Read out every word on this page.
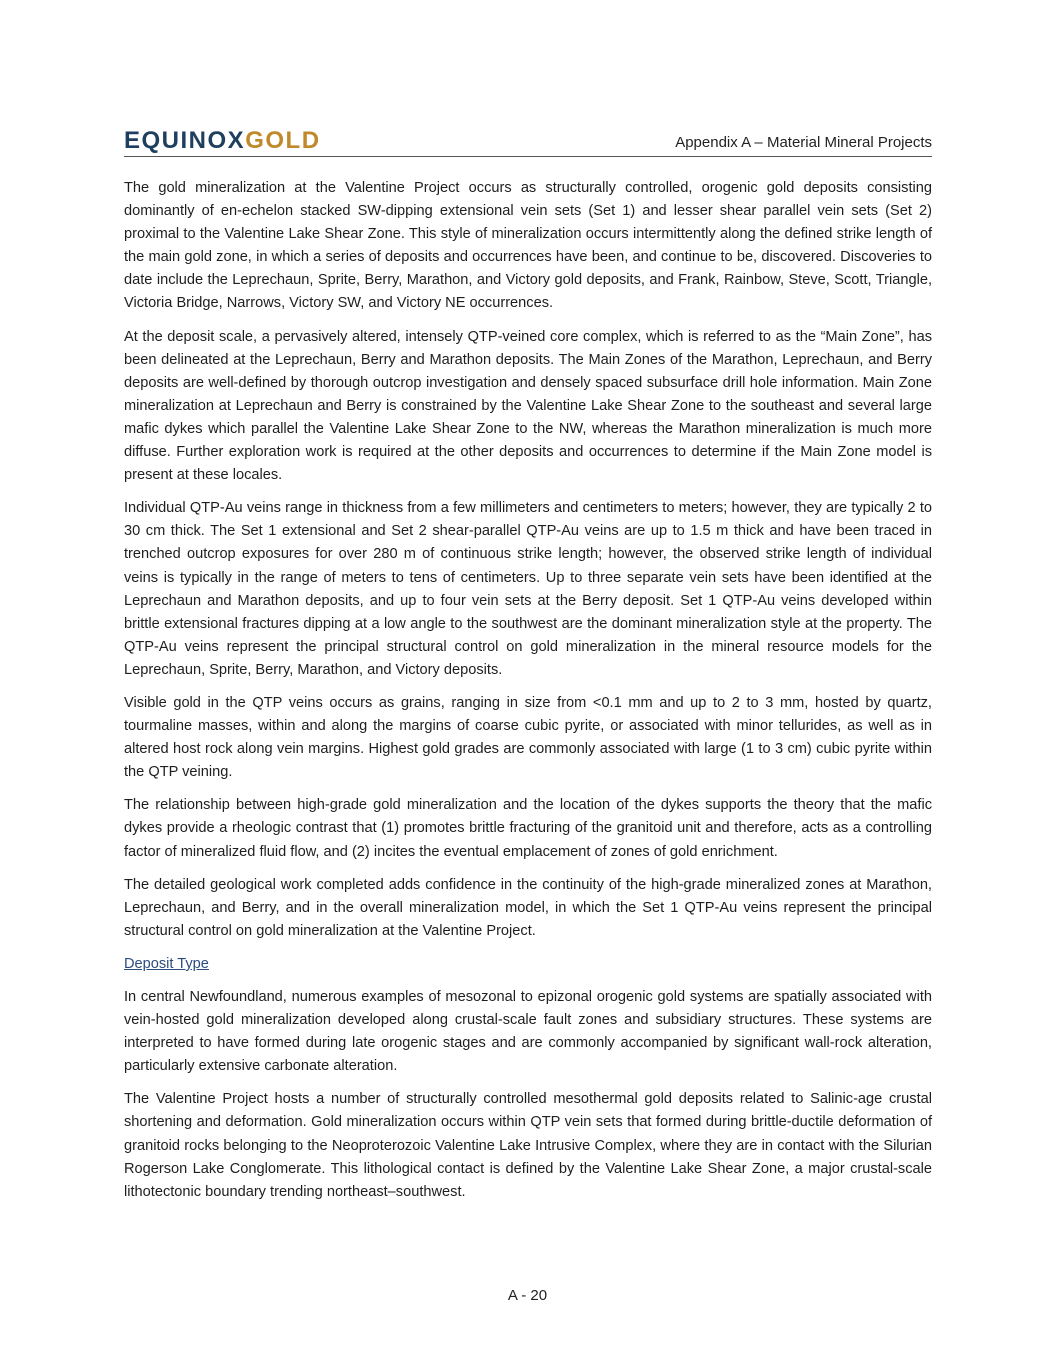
EQUINOXGOLD	Appendix A – Material Mineral Projects

The gold mineralization at the Valentine Project occurs as structurally controlled, orogenic gold deposits consisting dominantly of en-echelon stacked SW-dipping extensional vein sets (Set 1) and lesser shear parallel vein sets (Set 2) proximal to the Valentine Lake Shear Zone. This style of mineralization occurs intermittently along the defined strike length of the main gold zone, in which a series of deposits and occurrences have been, and continue to be, discovered. Discoveries to date include the Leprechaun, Sprite, Berry, Marathon, and Victory gold deposits, and Frank, Rainbow, Steve, Scott, Triangle, Victoria Bridge, Narrows, Victory SW, and Victory NE occurrences.

At the deposit scale, a pervasively altered, intensely QTP-veined core complex, which is referred to as the “Main Zone”, has been delineated at the Leprechaun, Berry and Marathon deposits. The Main Zones of the Marathon, Leprechaun, and Berry deposits are well-defined by thorough outcrop investigation and densely spaced subsurface drill hole information. Main Zone mineralization at Leprechaun and Berry is constrained by the Valentine Lake Shear Zone to the southeast and several large mafic dykes which parallel the Valentine Lake Shear Zone to the NW, whereas the Marathon mineralization is much more diffuse. Further exploration work is required at the other deposits and occurrences to determine if the Main Zone model is present at these locales.

Individual QTP-Au veins range in thickness from a few millimeters and centimeters to meters; however, they are typically 2 to 30 cm thick. The Set 1 extensional and Set 2 shear-parallel QTP-Au veins are up to 1.5 m thick and have been traced in trenched outcrop exposures for over 280 m of continuous strike length; however, the observed strike length of individual veins is typically in the range of meters to tens of centimeters. Up to three separate vein sets have been identified at the Leprechaun and Marathon deposits, and up to four vein sets at the Berry deposit. Set 1 QTP-Au veins developed within brittle extensional fractures dipping at a low angle to the southwest are the dominant mineralization style at the property. The QTP-Au veins represent the principal structural control on gold mineralization in the mineral resource models for the Leprechaun, Sprite, Berry, Marathon, and Victory deposits.

Visible gold in the QTP veins occurs as grains, ranging in size from <0.1 mm and up to 2 to 3 mm, hosted by quartz, tourmaline masses, within and along the margins of coarse cubic pyrite, or associated with minor tellurides, as well as in altered host rock along vein margins. Highest gold grades are commonly associated with large (1 to 3 cm) cubic pyrite within the QTP veining.

The relationship between high-grade gold mineralization and the location of the dykes supports the theory that the mafic dykes provide a rheologic contrast that (1) promotes brittle fracturing of the granitoid unit and therefore, acts as a controlling factor of mineralized fluid flow, and (2) incites the eventual emplacement of zones of gold enrichment.

The detailed geological work completed adds confidence in the continuity of the high-grade mineralized zones at Marathon, Leprechaun, and Berry, and in the overall mineralization model, in which the Set 1 QTP-Au veins represent the principal structural control on gold mineralization at the Valentine Project.

Deposit Type

In central Newfoundland, numerous examples of mesozonal to epizonal orogenic gold systems are spatially associated with vein-hosted gold mineralization developed along crustal-scale fault zones and subsidiary structures. These systems are interpreted to have formed during late orogenic stages and are commonly accompanied by significant wall-rock alteration, particularly extensive carbonate alteration.

The Valentine Project hosts a number of structurally controlled mesothermal gold deposits related to Salinic-age crustal shortening and deformation. Gold mineralization occurs within QTP vein sets that formed during brittle-ductile deformation of granitoid rocks belonging to the Neoproterozoic Valentine Lake Intrusive Complex, where they are in contact with the Silurian Rogerson Lake Conglomerate. This lithological contact is defined by the Valentine Lake Shear Zone, a major crustal-scale lithotectonic boundary trending northeast–southwest.

A - 20
